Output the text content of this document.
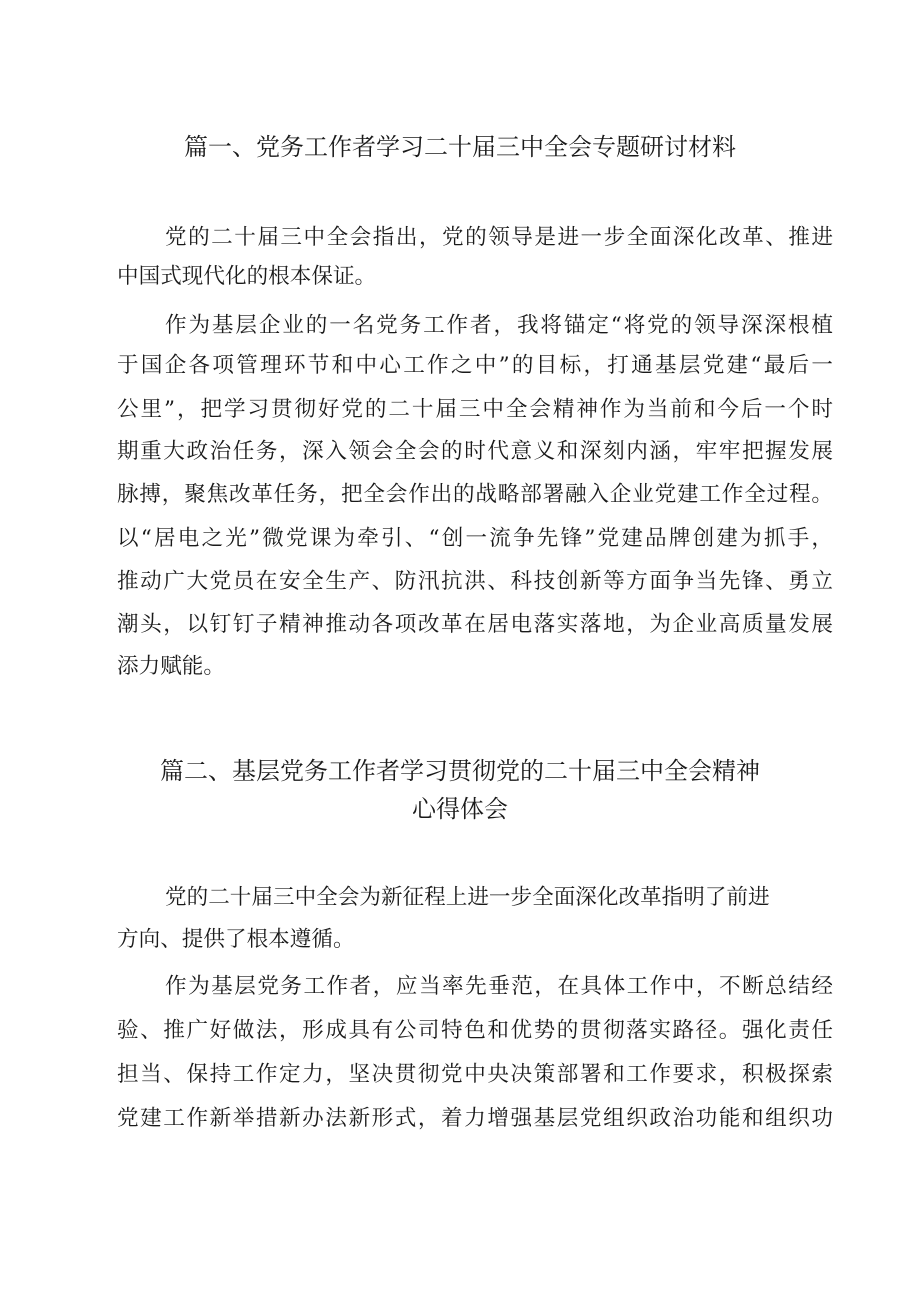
篇一、党务工作者学习二十届三中全会专题研讨材料

党的二十届三中全会指出，党的领导是进一步全面深化改革、推进

中国式现代化的根本保证。

作为基层企业的一名党务工作者，我将锚定“将党的领导深深根植

于国企各项管理环节和中心工作之中”的目标，打通基层党建“最后一

公里”，把学习贯彻好党的二十届三中全会精神作为当前和今后一个时

期重大政治任务，深入领会全会的时代意义和深刻内涵，牢牢把握发展

脉搏，聚焦改革任务，把全会作出的战略部署融入企业党建工作全过程。

以“居电之光”微党课为牵引、“创一流争先锋”党建品牌创建为抓手，

推动广大党员在安全生产、防汛抗洪、科技创新等方面争当先锋、勇立

潮头，以钉钉子精神推动各项改革在居电落实落地，为企业高质量发展

添力赋能。

篇二、基层党务工作者学习贯彻党的二十届三中全会精神
心得体会

党的二十届三中全会为新征程上进一步全面深化改革指明了前进

方向、提供了根本遵循。

作为基层党务工作者，应当率先垂范，在具体工作中，不断总结经

验、推广好做法，形成具有公司特色和优势的贯彻落实路径。强化责任

担当、保持工作定力，坚决贯彻党中央决策部署和工作要求，积极探索

党建工作新举措新办法新形式，着力增强基层党组织政治功能和组织功
